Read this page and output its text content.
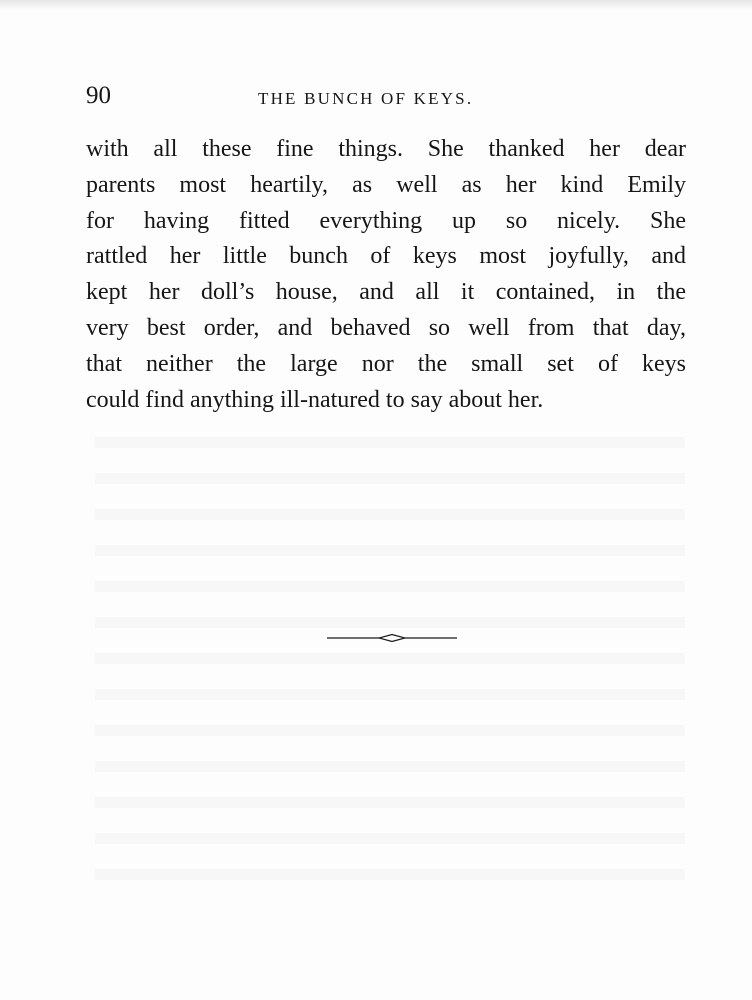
90	THE BUNCH OF KEYS.
with all these fine things. She thanked her dear
parents most heartily, as well as her kind Emily
for having fitted everything up so nicely. She
rattled her little bunch of keys most joyfully, and
kept her doll’s house, and all it contained, in the
very best order, and behaved so well from that day,
that neither the large nor the small set of keys
could find anything ill-natured to say about her.
